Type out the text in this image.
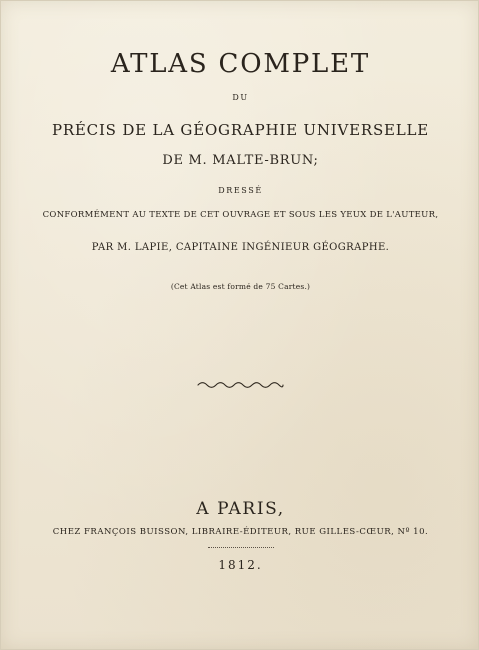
ATLAS COMPLET
DU
PRÉCIS DE LA GÉOGRAPHIE UNIVERSELLE
DE M. MALTE-BRUN;
DRESSÉ
CONFORMÉMENT AU TEXTE DE CET OUVRAGE ET SOUS LES YEUX DE L'AUTEUR,
PAR M. LAPIE, CAPITAINE INGÉNIEUR GÉOGRAPHE.
(Cet Atlas est formé de 75 Cartes.)
A PARIS,
CHEZ FRANÇOIS BUISSON, LIBRAIRE-ÉDITEUR, RUE GILLES-CŒUR, Nº 10.
1812.
